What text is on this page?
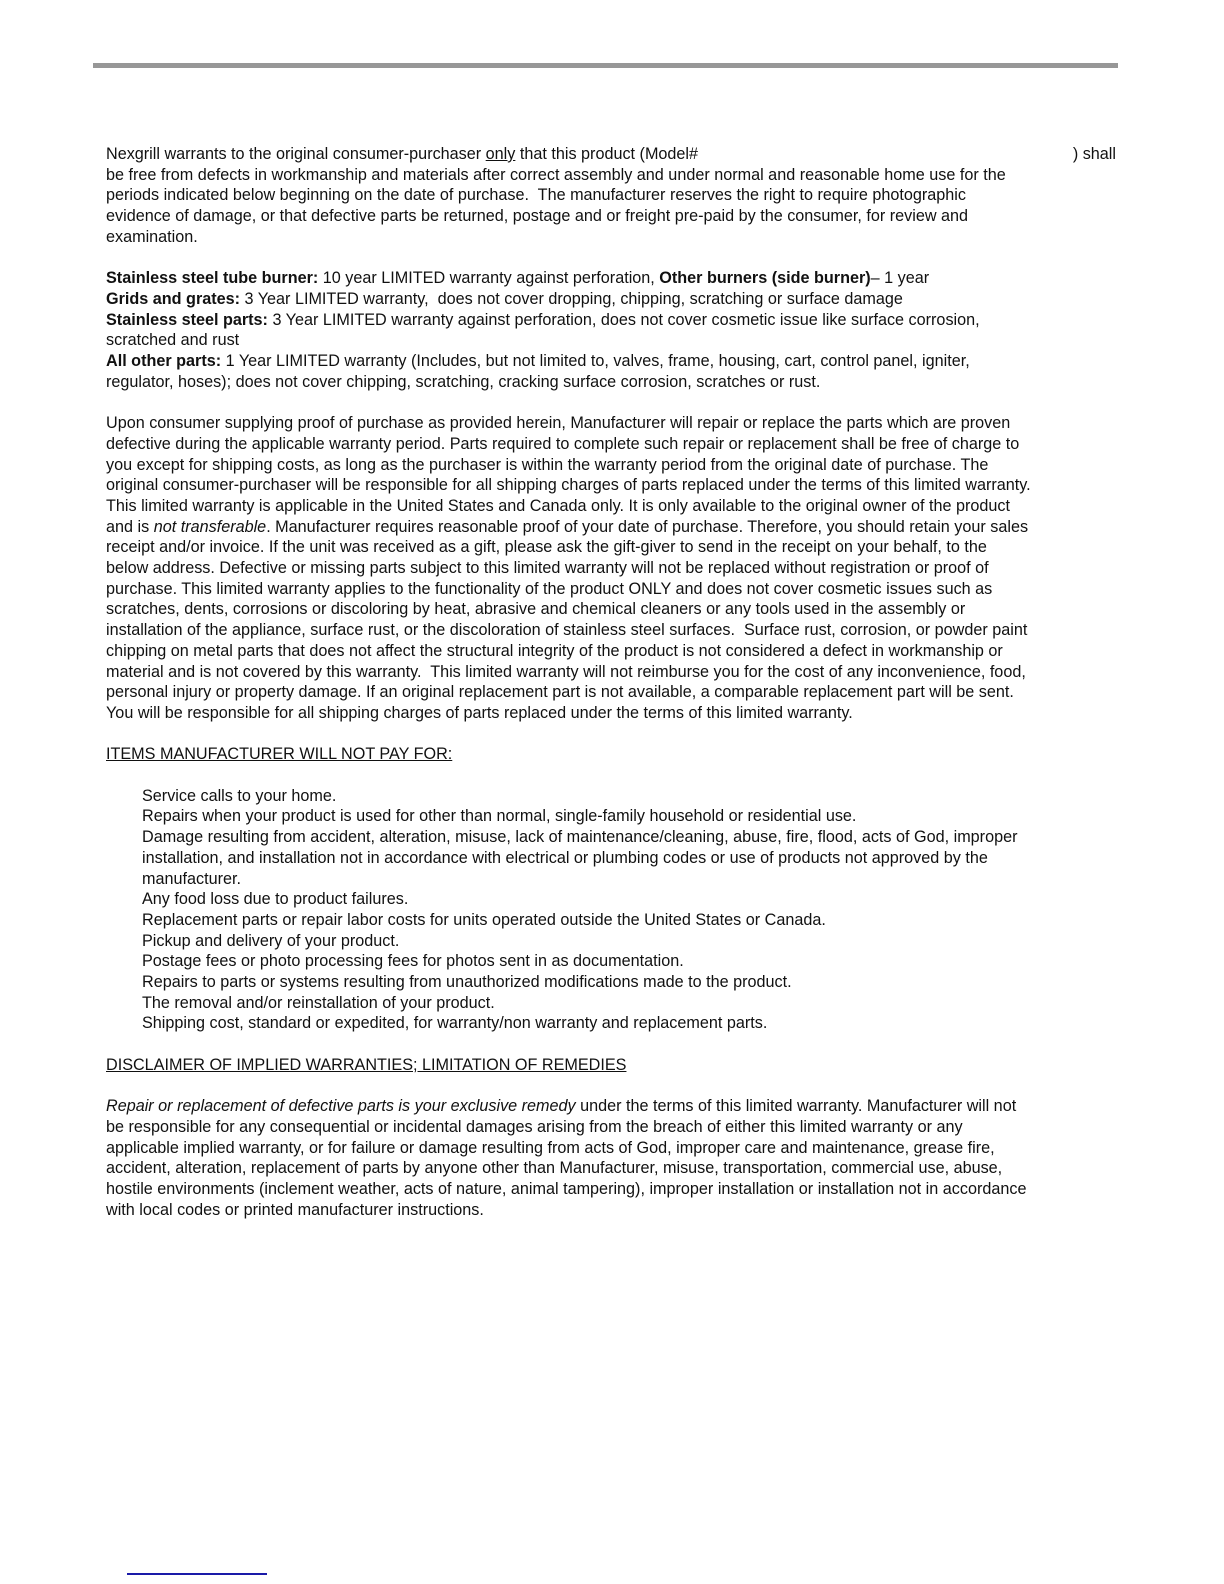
Nexgrill warrants to the original consumer-purchaser only that this product (Model#	) shall
be free from defects in workmanship and materials after correct assembly and under normal and reasonable home use for the
periods indicated below beginning on the date of purchase.  The manufacturer reserves the right to require photographic
evidence of damage, or that defective parts be returned, postage and or freight pre-paid by the consumer, for review and
examination.
Stainless steel tube burner: 10 year LIMITED warranty against perforation, Other burners (side burner) – 1 year
Grids and grates: 3 Year LIMITED warranty,  does not cover dropping, chipping, scratching or surface damage
Stainless steel parts: 3 Year LIMITED warranty against perforation, does not cover cosmetic issue like surface corrosion,
scratched and rust
All other parts: 1 Year LIMITED warranty (Includes, but not limited to, valves, frame, housing, cart, control panel, igniter,
regulator, hoses); does not cover chipping, scratching, cracking surface corrosion, scratches or rust.
Upon consumer supplying proof of purchase as provided herein, Manufacturer will repair or replace the parts which are proven
defective during the applicable warranty period. Parts required to complete such repair or replacement shall be free of charge to
you except for shipping costs, as long as the purchaser is within the warranty period from the original date of purchase. The
original consumer-purchaser will be responsible for all shipping charges of parts replaced under the terms of this limited warranty.
This limited warranty is applicable in the United States and Canada only. It is only available to the original owner of the product
and is not transferable . Manufacturer requires reasonable proof of your date of purchase. Therefore, you should retain your sales
receipt and/or invoice. If the unit was received as a gift, please ask the gift-giver to send in the receipt on your behalf, to the
below address. Defective or missing parts subject to this limited warranty will not be replaced without registration or proof of
purchase. This limited warranty applies to the functionality of the product ONLY and does not cover cosmetic issues such as
scratches, dents, corrosions or discoloring by heat, abrasive and chemical cleaners or any tools used in the assembly or
installation of the appliance, surface rust, or the discoloration of stainless steel surfaces.  Surface rust, corrosion, or powder paint
chipping on metal parts that does not affect the structural integrity of the product is not considered a defect in workmanship or
material and is not covered by this warranty.  This limited warranty will not reimburse you for the cost of any inconvenience, food,
personal injury or property damage. If an original replacement part is not available, a comparable replacement part will be sent.
You will be responsible for all shipping charges of parts replaced under the terms of this limited warranty.
ITEMS MANUFACTURER WILL NOT PAY FOR:
Service calls to your home.
Repairs when your product is used for other than normal, single-family household or residential use.
Damage resulting from accident, alteration, misuse, lack of maintenance/cleaning, abuse, fire, flood, acts of God, improper
installation, and installation not in accordance with electrical or plumbing codes or use of products not approved by the
manufacturer.
Any food loss due to product failures.
Replacement parts or repair labor costs for units operated outside the United States or Canada.
Pickup and delivery of your product.
Postage fees or photo processing fees for photos sent in as documentation.
Repairs to parts or systems resulting from unauthorized modifications made to the product.
The removal and/or reinstallation of your product.
Shipping cost, standard or expedited, for warranty/non warranty and replacement parts.
DISCLAIMER OF IMPLIED WARRANTIES; LIMITATION OF REMEDIES
Repair or replacement of defective parts is your exclusive remedy under the terms of this limited warranty. Manufacturer will not
be responsible for any consequential or incidental damages arising from the breach of either this limited warranty or any
applicable implied warranty, or for failure or damage resulting from acts of God, improper care and maintenance, grease fire,
accident, alteration, replacement of parts by anyone other than Manufacturer, misuse, transportation, commercial use, abuse,
hostile environments (inclement weather, acts of nature, animal tampering), improper installation or installation not in accordance
with local codes or printed manufacturer instructions.
